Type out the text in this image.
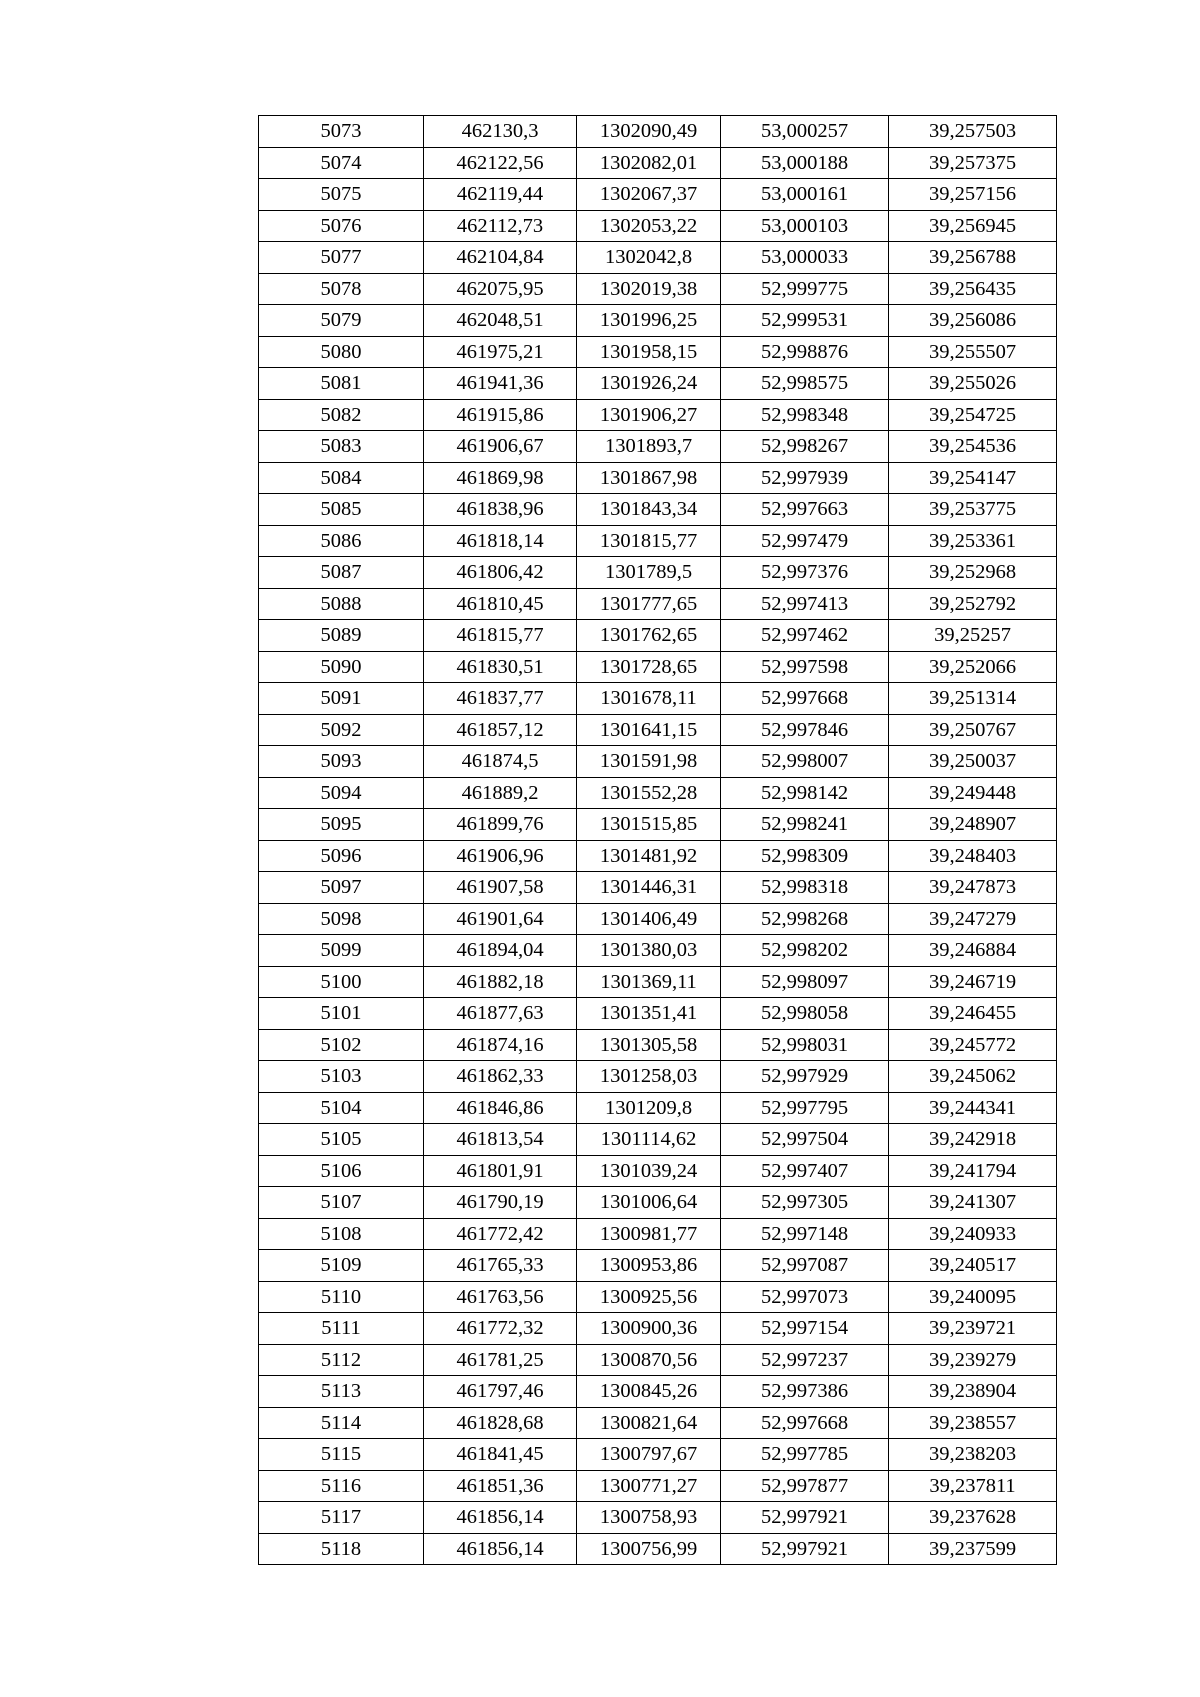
5073	462130,3	1302090,49	53,000257	39,257503
5074	462122,56	1302082,01	53,000188	39,257375
5075	462119,44	1302067,37	53,000161	39,257156
5076	462112,73	1302053,22	53,000103	39,256945
5077	462104,84	1302042,8	53,000033	39,256788
5078	462075,95	1302019,38	52,999775	39,256435
5079	462048,51	1301996,25	52,999531	39,256086
5080	461975,21	1301958,15	52,998876	39,255507
5081	461941,36	1301926,24	52,998575	39,255026
5082	461915,86	1301906,27	52,998348	39,254725
5083	461906,67	1301893,7	52,998267	39,254536
5084	461869,98	1301867,98	52,997939	39,254147
5085	461838,96	1301843,34	52,997663	39,253775
5086	461818,14	1301815,77	52,997479	39,253361
5087	461806,42	1301789,5	52,997376	39,252968
5088	461810,45	1301777,65	52,997413	39,252792
5089	461815,77	1301762,65	52,997462	39,25257
5090	461830,51	1301728,65	52,997598	39,252066
5091	461837,77	1301678,11	52,997668	39,251314
5092	461857,12	1301641,15	52,997846	39,250767
5093	461874,5	1301591,98	52,998007	39,250037
5094	461889,2	1301552,28	52,998142	39,249448
5095	461899,76	1301515,85	52,998241	39,248907
5096	461906,96	1301481,92	52,998309	39,248403
5097	461907,58	1301446,31	52,998318	39,247873
5098	461901,64	1301406,49	52,998268	39,247279
5099	461894,04	1301380,03	52,998202	39,246884
5100	461882,18	1301369,11	52,998097	39,246719
5101	461877,63	1301351,41	52,998058	39,246455
5102	461874,16	1301305,58	52,998031	39,245772
5103	461862,33	1301258,03	52,997929	39,245062
5104	461846,86	1301209,8	52,997795	39,244341
5105	461813,54	1301114,62	52,997504	39,242918
5106	461801,91	1301039,24	52,997407	39,241794
5107	461790,19	1301006,64	52,997305	39,241307
5108	461772,42	1300981,77	52,997148	39,240933
5109	461765,33	1300953,86	52,997087	39,240517
5110	461763,56	1300925,56	52,997073	39,240095
5111	461772,32	1300900,36	52,997154	39,239721
5112	461781,25	1300870,56	52,997237	39,239279
5113	461797,46	1300845,26	52,997386	39,238904
5114	461828,68	1300821,64	52,997668	39,238557
5115	461841,45	1300797,67	52,997785	39,238203
5116	461851,36	1300771,27	52,997877	39,237811
5117	461856,14	1300758,93	52,997921	39,237628
5118	461856,14	1300756,99	52,997921	39,237599
